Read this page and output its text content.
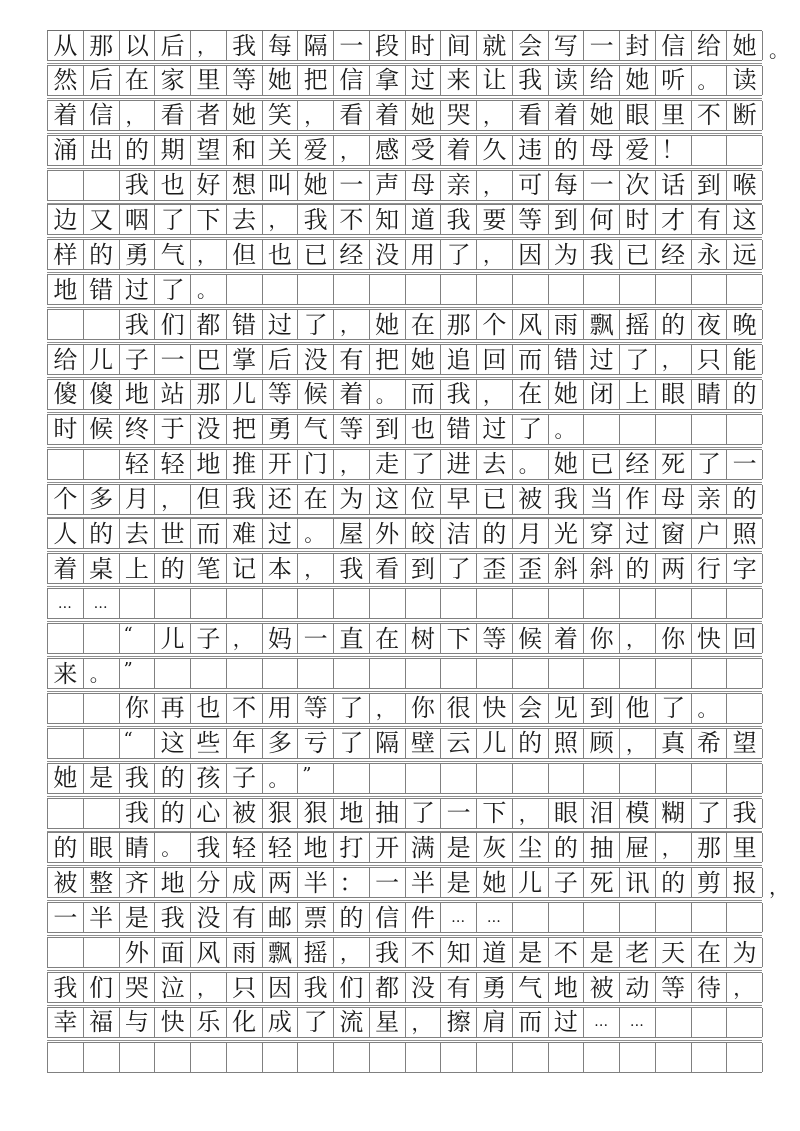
从 那 以 后 ， 我 每 隔 一 段 时 间 就 会 写 一 封 信 给 她 。
然 后 在 家 里 等 她 把 信 拿 过 来 让 我 读 给 她 听 。 读
着 信 ， 看 者 她 笑 ， 看 着 她 哭 ， 看 着 她 眼 里 不 断
涌 出 的 期 望 和 关 爱 ， 感 受 着 久 违 的 母 爱 ！
我 也 好 想 叫 她 一 声 母 亲 ， 可 每 一 次 话 到 喉
边 又 咽 了 下 去 ， 我 不 知 道 我 要 等 到 何 时 才 有 这
样 的 勇 气 ， 但 也 已 经 没 用 了 ， 因 为 我 已 经 永 远
地 错 过 了 。
我 们 都 错 过 了 ， 她 在 那 个 风 雨 飘 摇 的 夜 晚
给 儿 子 一 巴 掌 后 没 有 把 她 追 回 而 错 过 了 ， 只 能
傻 傻 地 站 那 儿 等 候 着 。 而 我 ， 在 她 闭 上 眼 睛 的
时 候 终 于 没 把 勇 气 等 到 也 错 过 了 。
轻 轻 地 推 开 门 ， 走 了 进 去 。 她 已 经 死 了 一
个 多 月 ， 但 我 还 在 为 这 位 早 已 被 我 当 作 母 亲 的
人 的 去 世 而 难 过 。 屋 外 皎 洁 的 月 光 穿 过 窗 户 照
着 桌 上 的 笔 记 本 ， 我 看 到 了 歪 歪 斜 斜 的 两 行 字
…	…
“	儿 子 ， 妈 一 直 在 树 下 等 候 着 你 ， 你 快 回
来 。 ”
你 再 也 不 用 等 了 ， 你 很 快 会 见 到 他 了 。
“	这 些 年 多 亏 了 隔 壁 云 儿 的 照 顾 ， 真 希 望
她 是 我 的 孩 子 。 ”
我 的 心 被 狠 狠 地 抽 了 一 下 ， 眼 泪 模 糊 了 我
的 眼 睛 。 我 轻 轻 地 打 开 满 是 灰 尘 的 抽 屉 ， 那 里
被 整 齐 地 分 成 两 半 ： 一 半 是 她 儿 子 死 讯 的 剪 报 ，
一 半 是 我 没 有 邮 票 的 信 件	…	…
外 面 风 雨 飘 摇 ， 我 不 知 道 是 不 是 老 天 在 为
我 们 哭 泣 ， 只 因 我 们 都 没 有 勇 气 地 被 动 等 待 ，
幸 福 与 快 乐 化 成 了 流 星 ， 擦 肩 而 过	…	…
